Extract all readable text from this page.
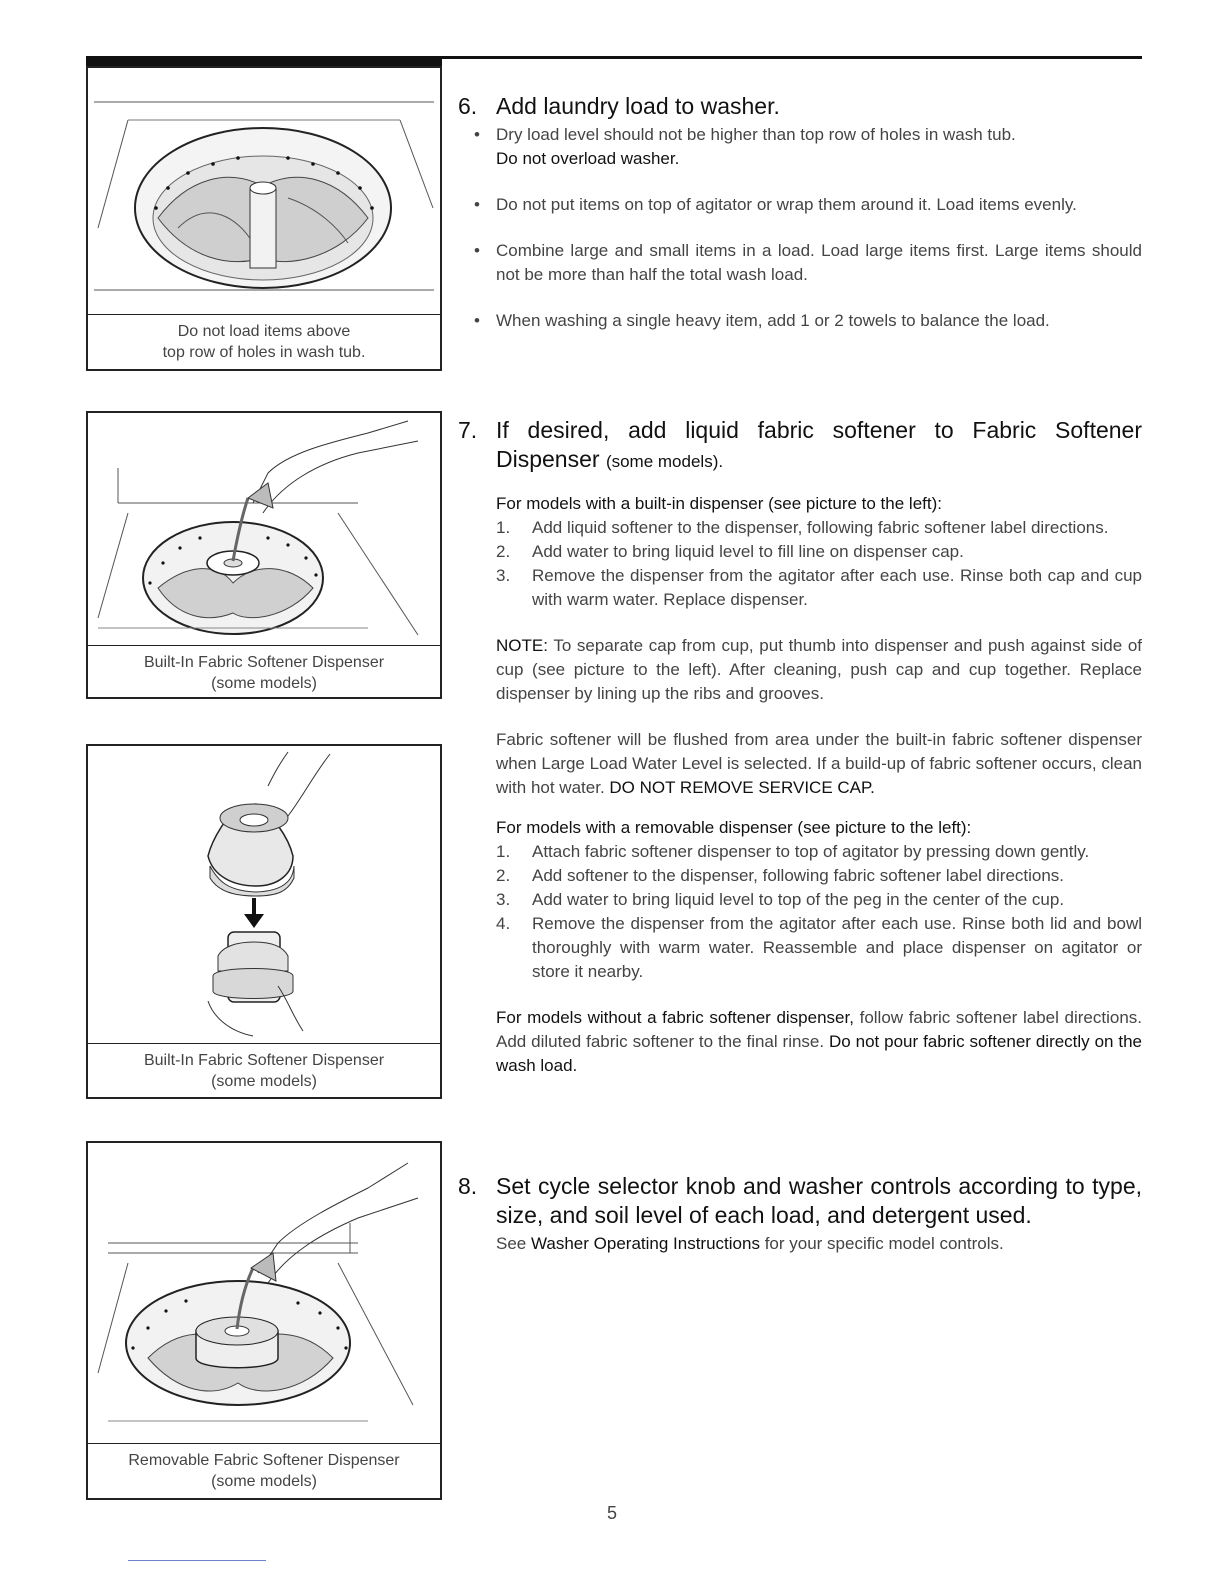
Do not load items above
top row of holes in wash tub.
Built-In Fabric Softener Dispenser
(some models)
Built-In Fabric Softener Dispenser
(some models)
Removable Fabric Softener Dispenser
(some models)
6. Add laundry load to washer.
• Dry load level should not be higher than top row of holes in wash tub.
Do not overload washer.
• Do not put items on top of agitator or wrap them around it. Load items evenly.
• Combine large and small items in a load. Load large items first. Large items should not be more than half the total wash load.
• When washing a single heavy item, add 1 or 2 towels to balance the load.
7. If desired, add liquid fabric softener to Fabric Softener Dispenser (some models).
For models with a built-in dispenser (see picture to the left):
1.	Add liquid softener to the dispenser, following fabric softener label directions.
2.	Add water to bring liquid level to fill line on dispenser cap.
3.	Remove the dispenser from the agitator after each use. Rinse both cap and cup with warm water. Replace dispenser.
NOTE: To separate cap from cup, put thumb into dispenser and push against side of cup (see picture to the left). After cleaning, push cap and cup together. Replace dispenser by lining up the ribs and grooves.
Fabric softener will be flushed from area under the built-in fabric softener dispenser when Large Load Water Level is selected. If a build-up of fabric softener occurs, clean with hot water. DO NOT REMOVE SERVICE CAP.
For models with a removable dispenser (see picture to the left):
1.	Attach fabric softener dispenser to top of agitator by pressing down gently.
2.	Add softener to the dispenser, following fabric softener label directions.
3.	Add water to bring liquid level to top of the peg in the center of the cup.
4.	Remove the dispenser from the agitator after each use. Rinse both lid and bowl thoroughly with warm water. Reassemble and place dispenser on agitator or store it nearby.
For models without a fabric softener dispenser, follow fabric softener label directions. Add diluted fabric softener to the final rinse. Do not pour fabric softener directly on the wash load.
8. Set cycle selector knob and washer controls according to type, size, and soil level of each load, and detergent used.
See Washer Operating Instructions for your specific model controls.
5
